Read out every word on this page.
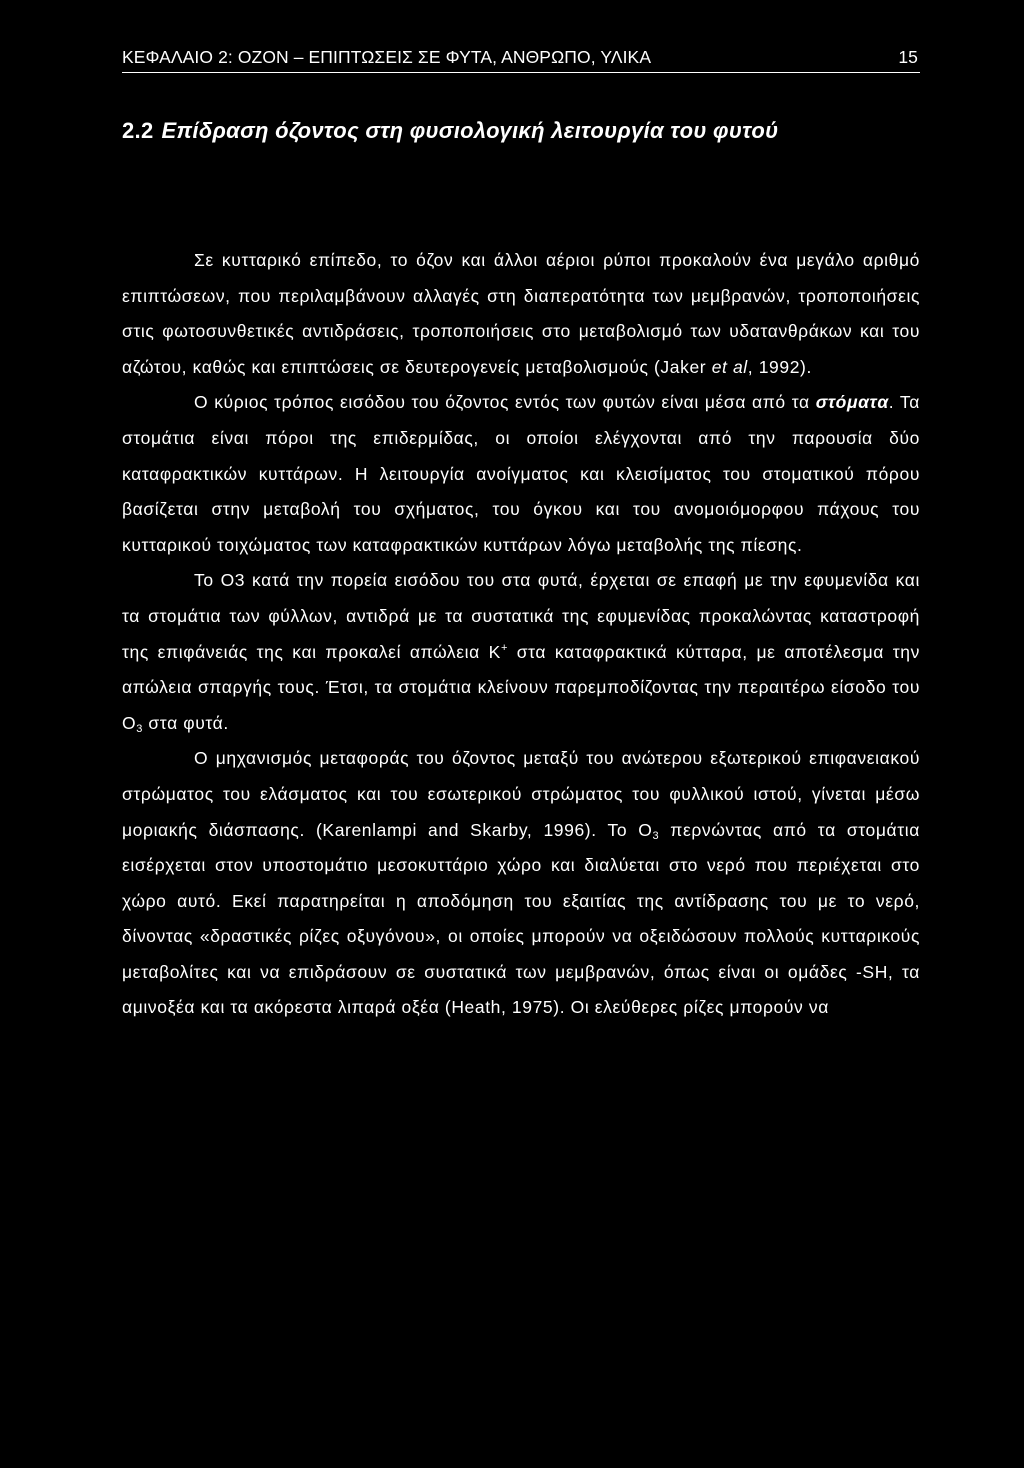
ΚΕΦΑΛΑΙΟ 2: ΟΖΟΝ – ΕΠΙΠΤΩΣΕΙΣ ΣΕ ΦΥΤΑ, ΑΝΘΡΩΠΟ, ΥΛΙΚΑ	15
2.2 Επίδραση όζοντος στη φυσιολογική λειτουργία του φυτού

Σε κυτταρικό επίπεδο, το όζον και άλλοι αέριοι ρύποι προκαλούν ένα μεγάλο αριθμό επιπτώσεων, που περιλαμβάνουν αλλαγές στη διαπερατότητα των μεμβρανών, τροποποιήσεις στις φωτοσυνθετικές αντιδράσεις, τροποποιήσεις στο μεταβολισμό των υδατανθράκων και του αζώτου, καθώς και επιπτώσεις σε δευτερογενείς μεταβολισμούς (Jaker et al, 1992).

Ο κύριος τρόπος εισόδου του όζοντος εντός των φυτών είναι μέσα από τα στόματα. Τα στομάτια είναι πόροι της επιδερμίδας, οι οποίοι ελέγχονται από την παρουσία δύο καταφρακτικών κυττάρων. Η λειτουργία ανοίγματος και κλεισίματος του στοματικού πόρου βασίζεται στην μεταβολή του σχήματος, του όγκου και του ανομοιόμορφου πάχους του κυτταρικού τοιχώματος των καταφρακτικών κυττάρων λόγω μεταβολής της πίεσης.

Το Ο3 κατά την πορεία εισόδου του στα φυτά, έρχεται σε επαφή με την εφυμενίδα και τα στομάτια των φύλλων, αντιδρά με τα συστατικά της εφυμενίδας προκαλώντας καταστροφή της επιφάνειάς της και προκαλεί απώλεια Κ+ στα καταφρακτικά κύτταρα, με αποτέλεσμα την απώλεια σπαργής τους. Έτσι, τα στομάτια κλείνουν παρεμποδίζοντας την περαιτέρω είσοδο του $O_3$ στα φυτά.

Ο μηχανισμός μεταφοράς του όζοντος μεταξύ του ανώτερου εξωτερικού επιφανειακού στρώματος του ελάσματος και του εσωτερικού στρώματος του φυλλικού ιστού, γίνεται μέσω μοριακής διάσπασης. (Karenlampi and Skarby, 1996). Το $O_3$ περνώντας από τα στομάτια εισέρχεται στον υποστομάτιο μεσοκυττάριο χώρο και διαλύεται στο νερό που περιέχεται στο χώρο αυτό. Εκεί παρατηρείται η αποδόμηση του εξαιτίας της αντίδρασης του με το νερό, δίνοντας «δραστικές ρίζες οξυγόνου», οι οποίες μπορούν να οξειδώσουν πολλούς κυτταρικούς μεταβολίτες και να επιδράσουν σε συστατικά των μεμβρανών, όπως είναι οι ομάδες -SH, τα αμινοξέα και τα ακόρεστα λιπαρά οξέα (Heath, 1975). Οι ελεύθερες ρίζες μπορούν να
